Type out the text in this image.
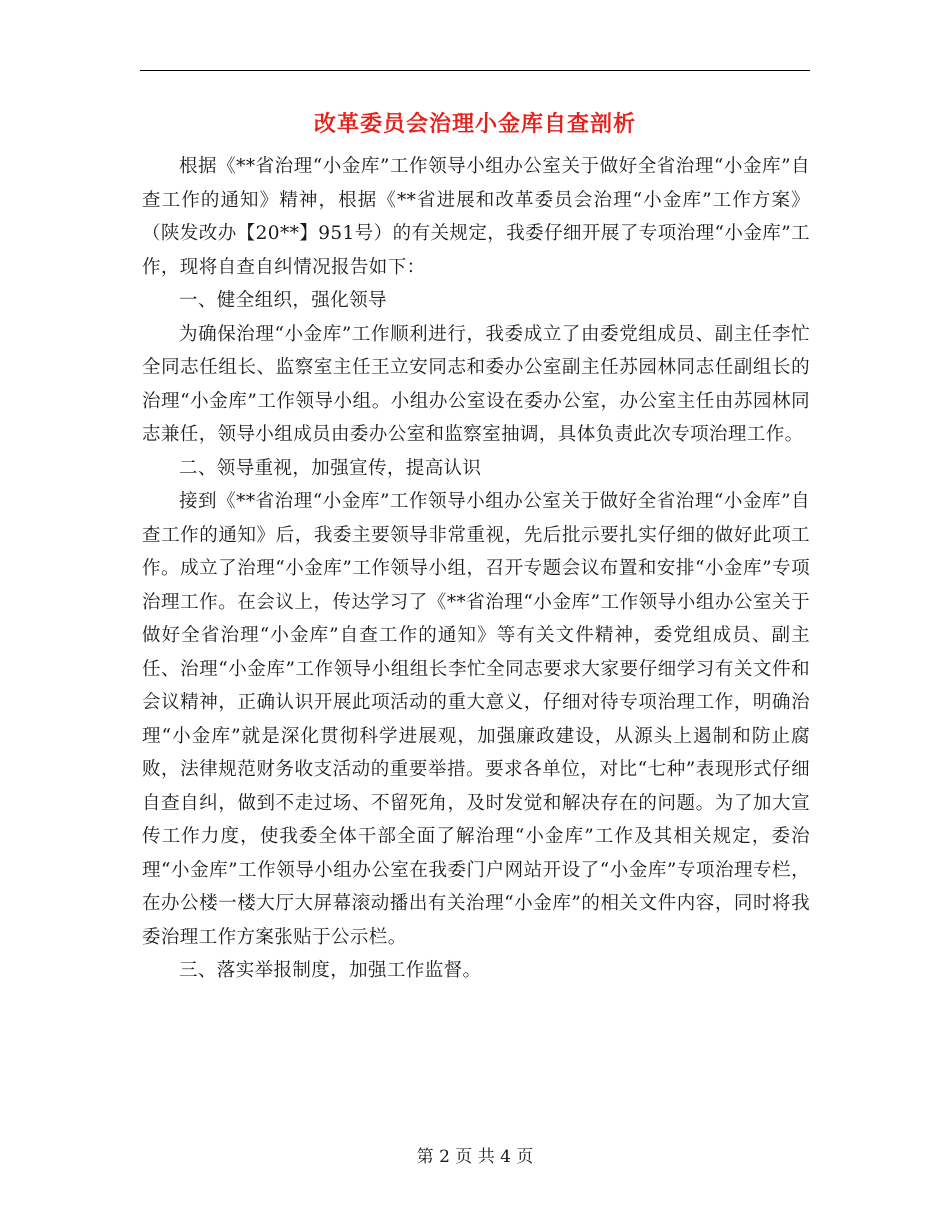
改革委员会治理小金库自查剖析

根据《**省治理“小金库”工作领导小组办公室关于做好全省治理“小金库”自查工作的通知》精神，根据《**省进展和改革委员会治理“小金库”工作方案》（陕发改办【20**】951号）的有关规定，我委仔细开展了专项治理“小金库”工作，现将自查自纠情况报告如下：

一、健全组织，强化领导

为确保治理“小金库”工作顺利进行，我委成立了由委党组成员、副主任李忙全同志任组长、监察室主任王立安同志和委办公室副主任苏园林同志任副组长的治理“小金库”工作领导小组。小组办公室设在委办公室，办公室主任由苏园林同志兼任，领导小组成员由委办公室和监察室抽调，具体负责此次专项治理工作。

二、领导重视，加强宣传，提高认识

接到《**省治理“小金库”工作领导小组办公室关于做好全省治理“小金库”自查工作的通知》后，我委主要领导非常重视，先后批示要扎实仔细的做好此项工作。成立了治理“小金库”工作领导小组，召开专题会议布置和安排“小金库”专项治理工作。在会议上，传达学习了《**省治理“小金库”工作领导小组办公室关于做好全省治理“小金库”自查工作的通知》等有关文件精神，委党组成员、副主任、治理“小金库”工作领导小组组长李忙全同志要求大家要仔细学习有关文件和会议精神，正确认识开展此项活动的重大意义，仔细对待专项治理工作，明确治理“小金库”就是深化贯彻科学进展观，加强廉政建设，从源头上遏制和防止腐败，法律规范财务收支活动的重要举措。要求各单位，对比“七种”表现形式仔细自查自纠，做到不走过场、不留死角，及时发觉和解决存在的问题。为了加大宣传工作力度，使我委全体干部全面了解治理“小金库”工作及其相关规定，委治理“小金库”工作领导小组办公室在我委门户网站开设了“小金库”专项治理专栏，在办公楼一楼大厅大屏幕滚动播出有关治理“小金库”的相关文件内容，同时将我委治理工作方案张贴于公示栏。

三、落实举报制度，加强工作监督。

第 2 页 共 4 页
